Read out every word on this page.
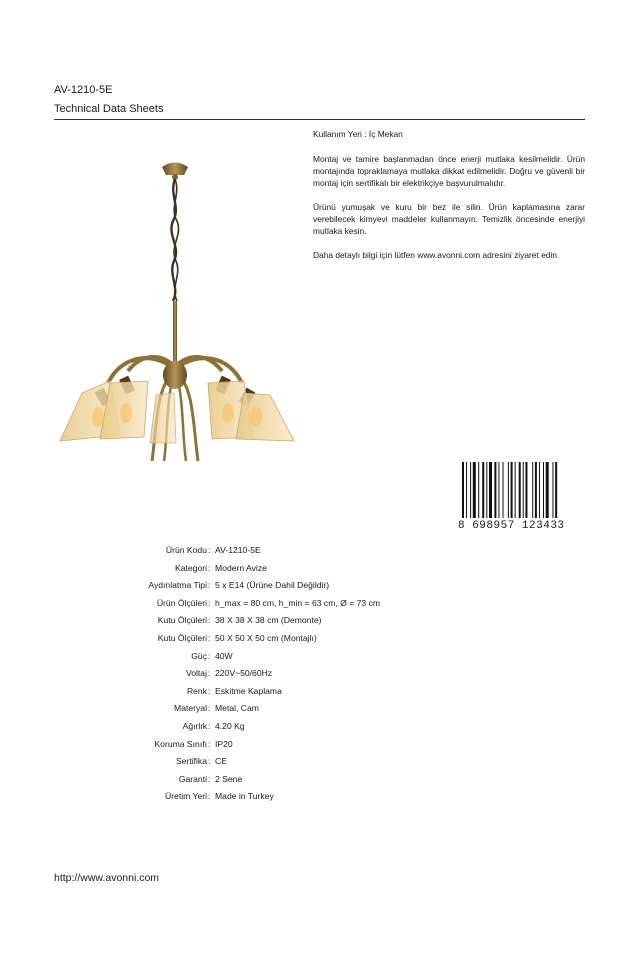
AV-1210-5E
Technical Data Sheets

Kullanım Yeri : İç Mekan

Montaj ve tamire başlanmadan önce enerji mutlaka kesilmelidir. Ürün montajında topraklamaya mutlaka dikkat edilmelidir. Doğru ve güvenli bir montaj için sertifikalı bir elektrikçiye başvurulmalıdır.

Ürünü yumuşak ve kuru bir bez ile silin. Ürün kaplamasına zarar verebilecek kimyevi maddeler kullanmayın. Temizlik öncesinde enerjiyi mutlaka kesin.

Daha detaylı bilgi için lütfen www.avonni.com adresini ziyaret edin.

8 698957 123433
Ürün Kodu : AV-1210-5E
Kategori : Modern Avize
Aydınlatma Tipi : 5 x E14 (Ürüne Dahil Değildir)
Ürün Ölçüleri : h_max = 80 cm, h_min = 63 cm, Ø = 73 cm
Kutu Ölçüleri : 38 X 38 X 38 cm (Demonte)
Kutu Ölçüleri : 50 X 50 X 50 cm (Montajlı)
Güç : 40W
Voltaj : 220V~50/60Hz
Renk : Eskitme Kaplama
Materyal : Metal, Cam
Ağırlık : 4.20 Kg
Koruma Sınıfı : IP20
Sertifika : CE
Garanti : 2 Sene
Üretim Yeri : Made in Turkey
http://www.avonni.com
